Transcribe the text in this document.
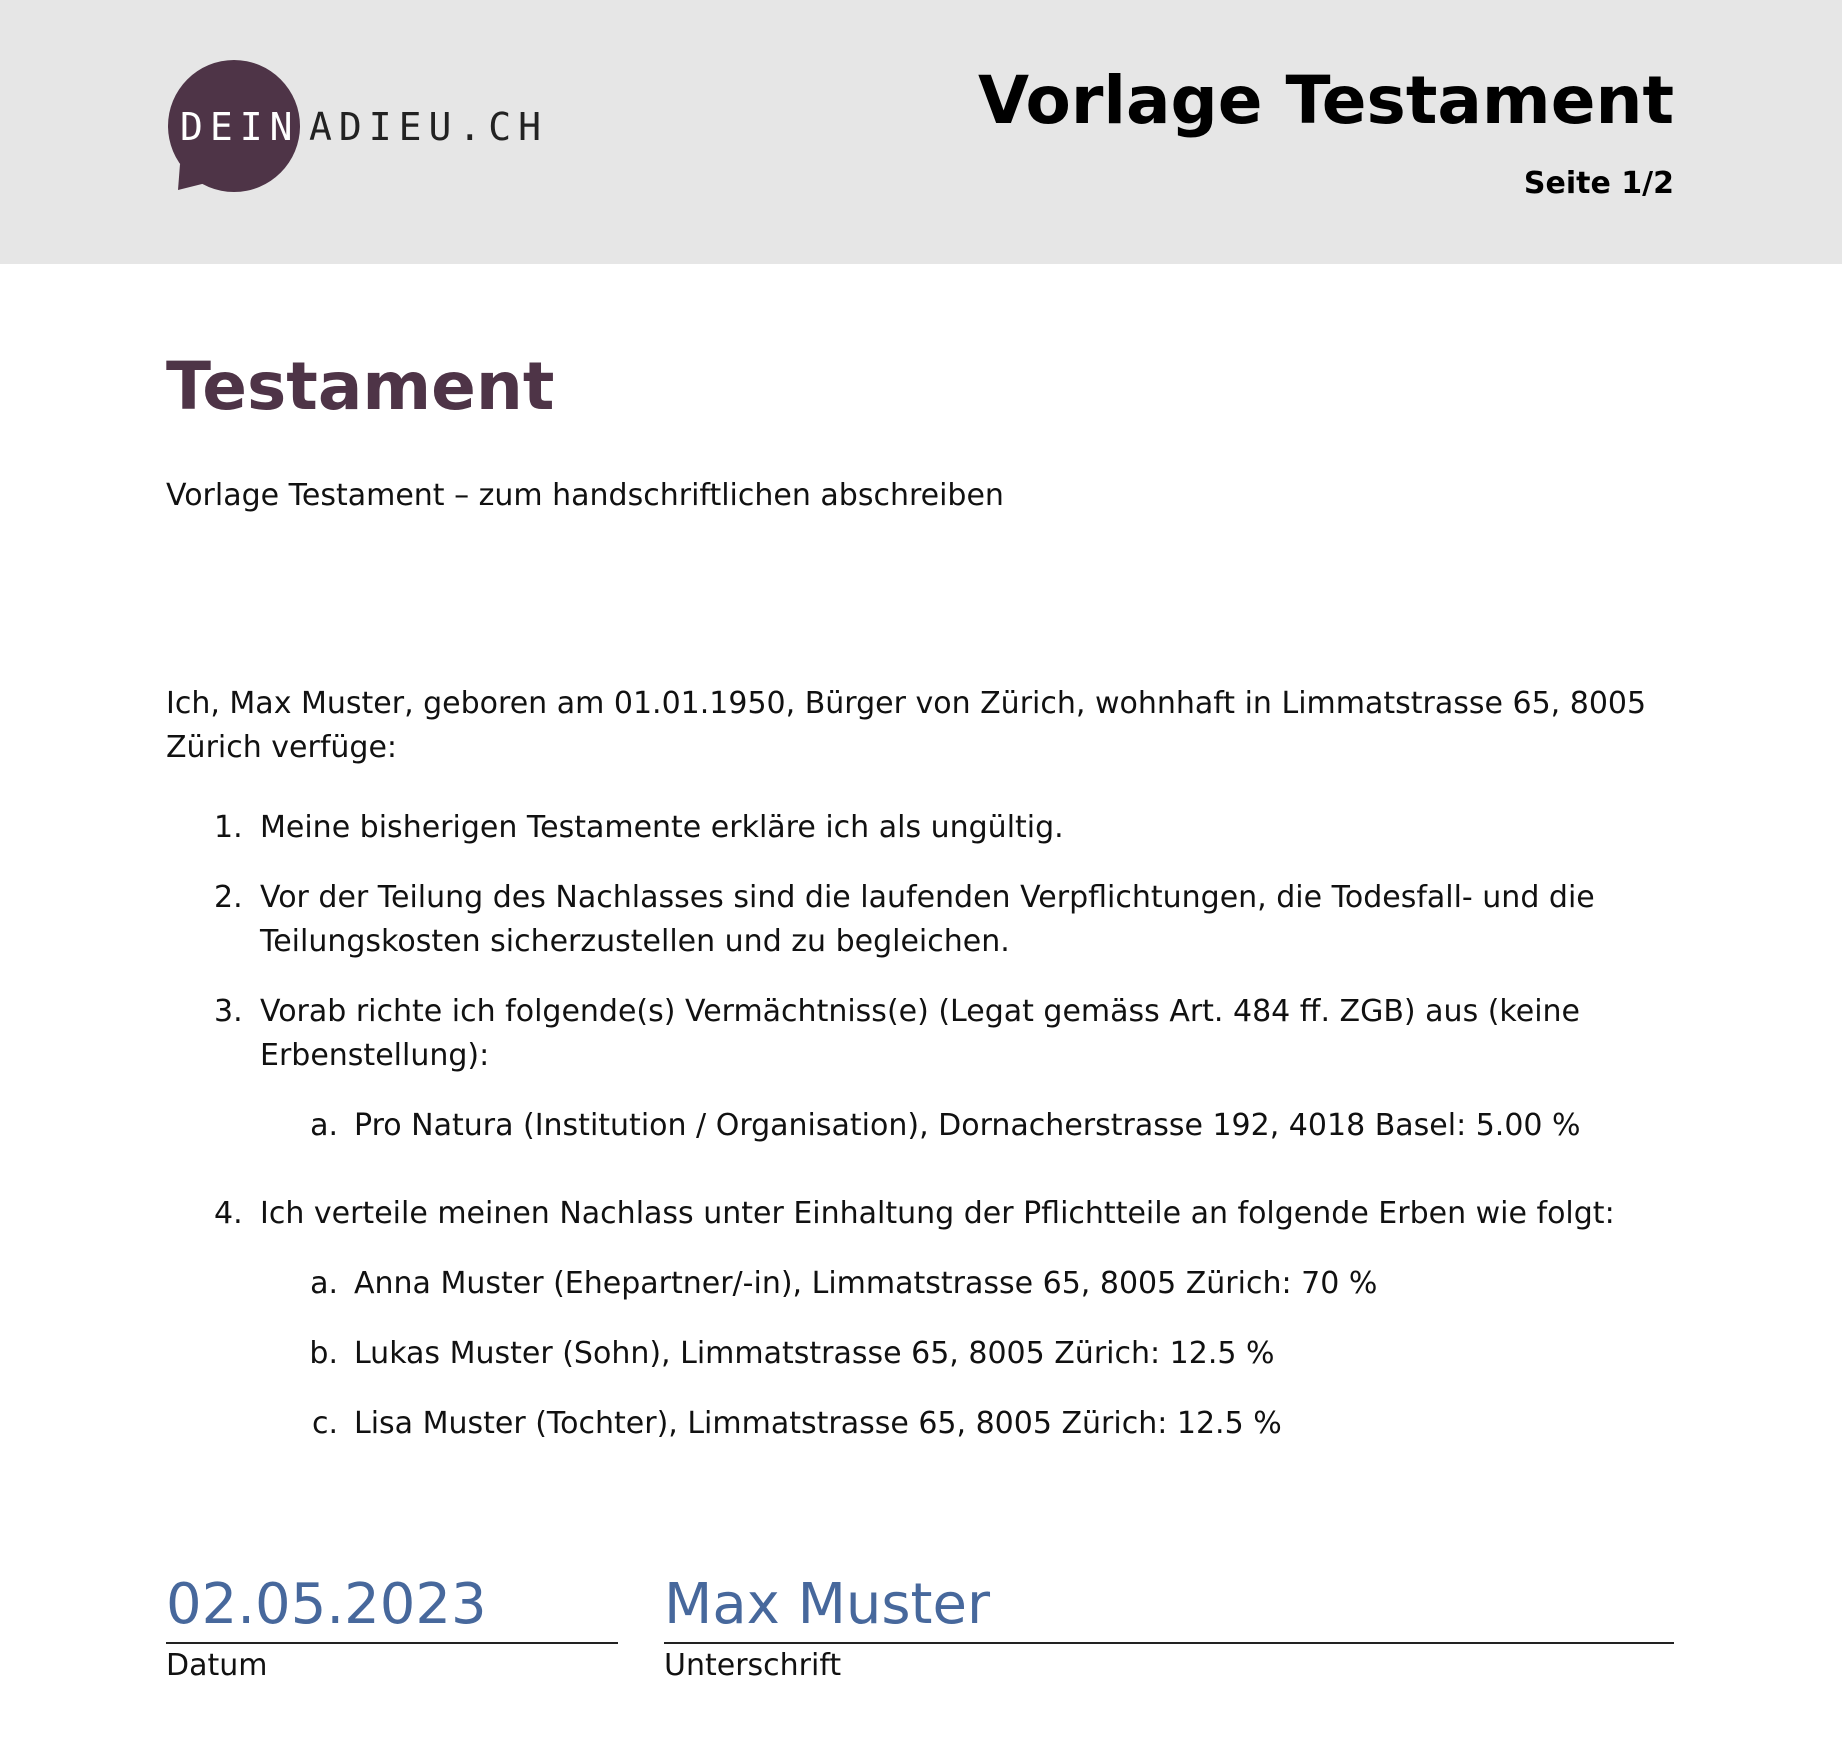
DEIN ADIEU.CH	Vorlage Testament
Seite 1/2
Testament
Vorlage Testament – zum handschriftlichen abschreiben
Ich, Max Muster, geboren am 01.01.1950, Bürger von Zürich, wohnhaft in Limmatstrasse 65, 8005 Zürich verfüge:
1. Meine bisherigen Testamente erkläre ich als ungültig.
2. Vor der Teilung des Nachlasses sind die laufenden Verpflichtungen, die Todesfall- und die Teilungskosten sicherzustellen und zu begleichen.
3. Vorab richte ich folgende(s) Vermächtniss(e) (Legat gemäss Art. 484 ff. ZGB) aus (keine Erbenstellung):
a. Pro Natura (Institution / Organisation), Dornacherstrasse 192, 4018 Basel: 5.00 %
4. Ich verteile meinen Nachlass unter Einhaltung der Pflichtteile an folgende Erben wie folgt:
a. Anna Muster (Ehepartner/-in), Limmatstrasse 65, 8005 Zürich: 70 %
b. Lukas Muster (Sohn), Limmatstrasse 65, 8005 Zürich: 12.5 %
c. Lisa Muster (Tochter), Limmatstrasse 65, 8005 Zürich: 12.5 %
02.05.2023
Datum
Max Muster
Unterschrift
